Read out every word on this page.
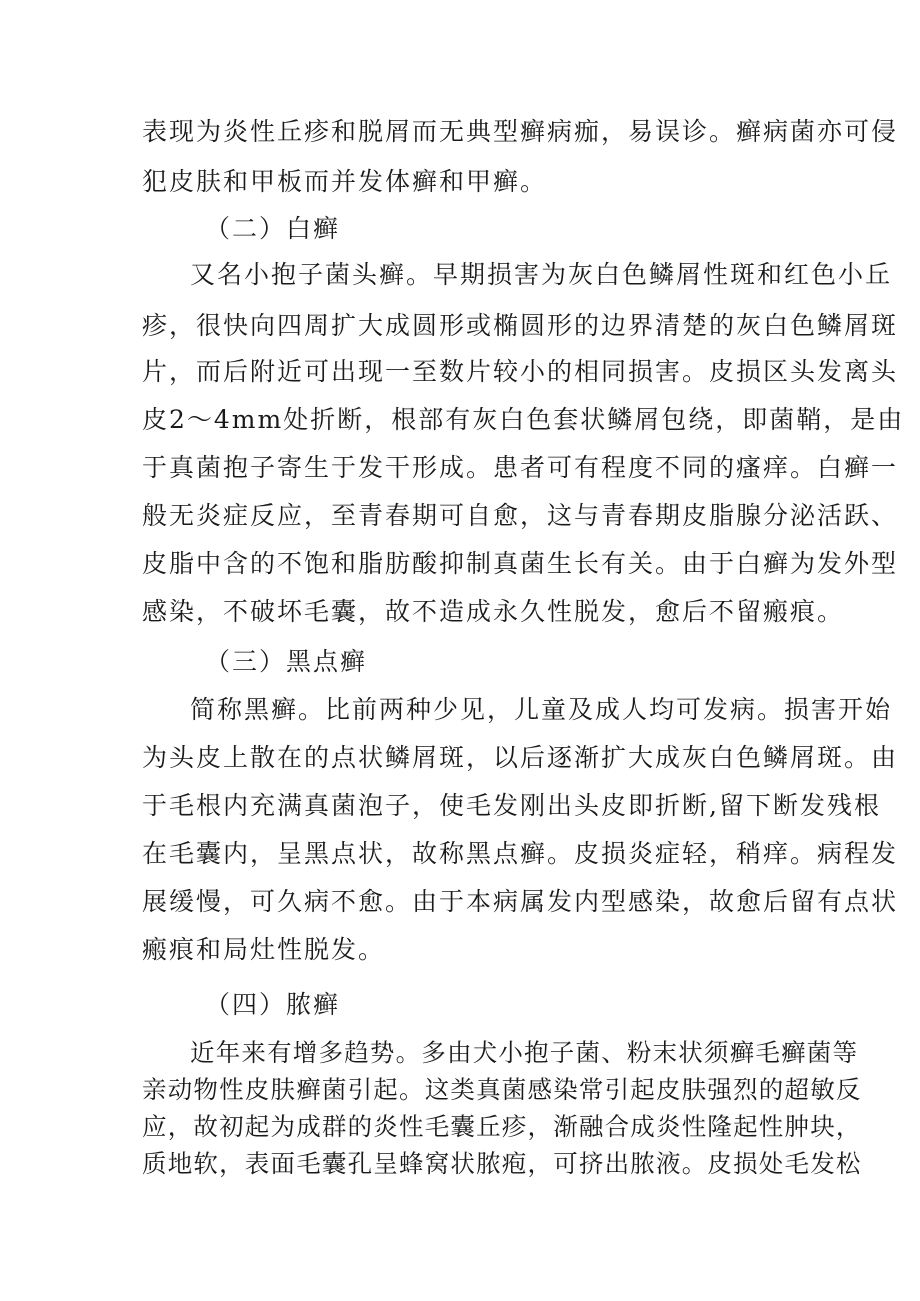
表现为炎性丘疹和脱屑而无典型癣病痂，易误诊。癣病菌亦可侵
犯皮肤和甲板而并发体癣和甲癣。
（二）白癣
又名小抱子菌头癣。早期损害为灰白色鳞屑性斑和红色小丘
疹，很快向四周扩大成圆形或椭圆形的边界清楚的灰白色鳞屑斑
片，而后附近可出现一至数片较小的相同损害。皮损区头发离头
皮2～4mm处折断，根部有灰白色套状鳞屑包绕，即菌鞘，是由
于真菌抱子寄生于发干形成。患者可有程度不同的瘙痒。白癣一
般无炎症反应，至青春期可自愈，这与青春期皮脂腺分泌活跃、
皮脂中含的不饱和脂肪酸抑制真菌生长有关。由于白癣为发外型
感染，不破坏毛囊，故不造成永久性脱发，愈后不留瘢痕。
（三）黑点癣
简称黑癣。比前两种少见，儿童及成人均可发病。损害开始
为头皮上散在的点状鳞屑斑，以后逐渐扩大成灰白色鳞屑斑。由
于毛根内充满真菌泡子，使毛发刚出头皮即折断,留下断发残根
在毛囊内，呈黑点状，故称黑点癣。皮损炎症轻，稍痒。病程发
展缓慢，可久病不愈。由于本病属发内型感染，故愈后留有点状
瘢痕和局灶性脱发。
（四）脓癣
近年来有增多趋势。多由犬小抱子菌、粉末状须癣毛癣菌等
亲动物性皮肤癣菌引起。这类真菌感染常引起皮肤强烈的超敏反
应，故初起为成群的炎性毛囊丘疹，渐融合成炎性隆起性肿块，
质地软，表面毛囊孔呈蜂窝状脓疱，可挤出脓液。皮损处毛发松
